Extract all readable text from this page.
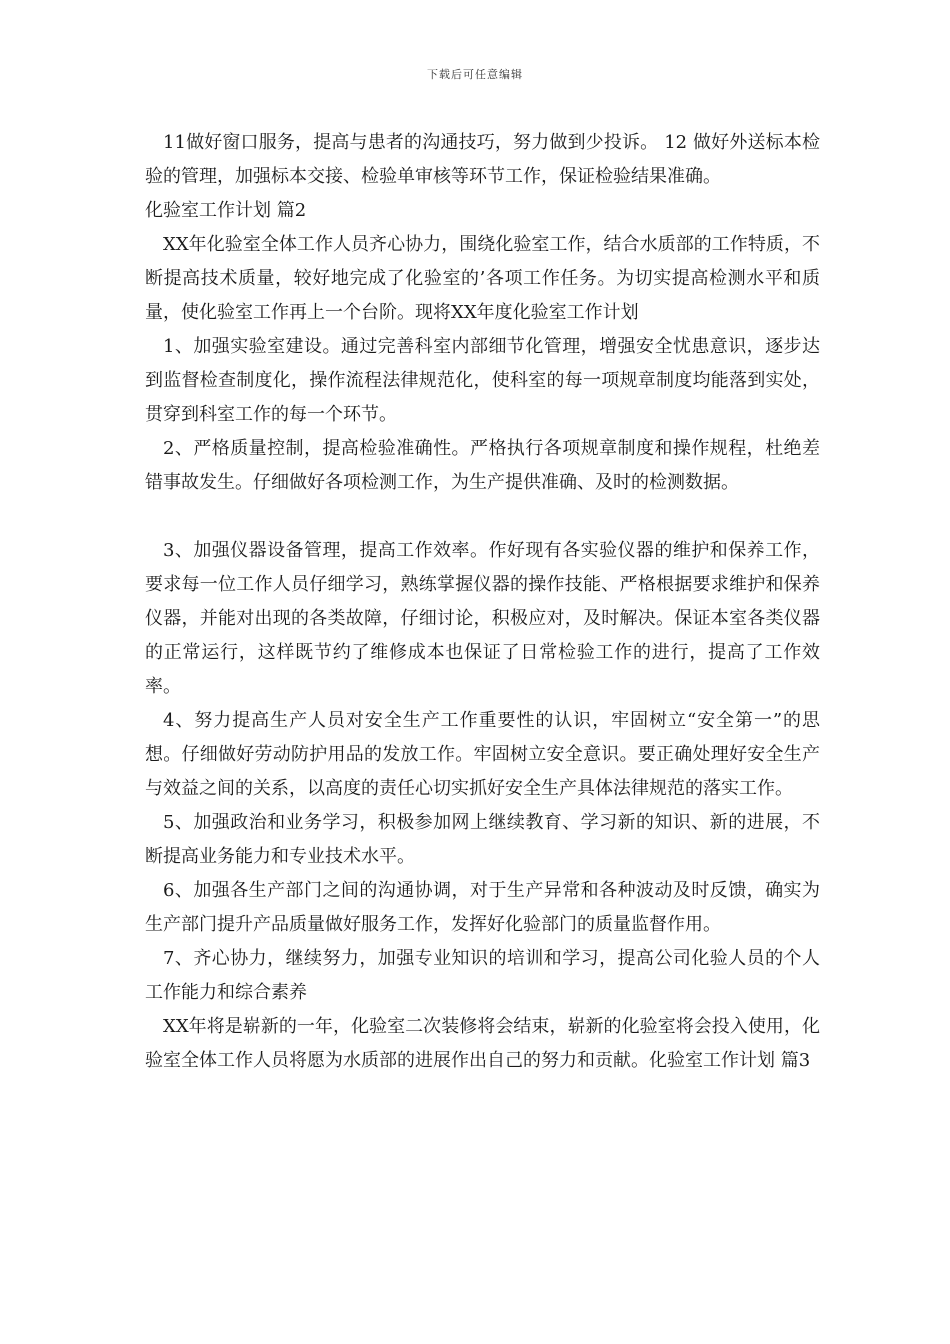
下载后可任意编辑

11做好窗口服务，提高与患者的沟通技巧，努力做到少投诉。 12 做好外送标本检验的管理，加强标本交接、检验单审核等环节工作，保证检验结果准确。

化验室工作计划 篇2

XX年化验室全体工作人员齐心协力，围绕化验室工作，结合水质部的工作特质，不断提高技术质量，较好地完成了化验室的’各项工作任务。为切实提高检测水平和质量，使化验室工作再上一个台阶。现将XX年度化验室工作计划

1、加强实验室建设。通过完善科室内部细节化管理，增强安全忧患意识，逐步达到监督检查制度化，操作流程法律规范化，使科室的每一项规章制度均能落到实处，贯穿到科室工作的每一个环节。

2、严格质量控制，提高检验准确性。严格执行各项规章制度和操作规程，杜绝差错事故发生。仔细做好各项检测工作，为生产提供准确、及时的检测数据。

3、加强仪器设备管理，提高工作效率。作好现有各实验仪器的维护和保养工作，要求每一位工作人员仔细学习，熟练掌握仪器的操作技能、严格根据要求维护和保养仪器，并能对出现的各类故障，仔细讨论，积极应对，及时解决。保证本室各类仪器的正常运行，这样既节约了维修成本也保证了日常检验工作的进行，提高了工作效率。

4、努力提高生产人员对安全生产工作重要性的认识，牢固树立“安全第一”的思想。仔细做好劳动防护用品的发放工作。牢固树立安全意识。要正确处理好安全生产与效益之间的关系，以高度的责任心切实抓好安全生产具体法律规范的落实工作。

5、加强政治和业务学习，积极参加网上继续教育、学习新的知识、新的进展，不断提高业务能力和专业技术水平。

6、加强各生产部门之间的沟通协调，对于生产异常和各种波动及时反馈，确实为生产部门提升产品质量做好服务工作，发挥好化验部门的质量监督作用。

7、齐心协力，继续努力，加强专业知识的培训和学习，提高公司化验人员的个人工作能力和综合素养

XX年将是崭新的一年，化验室二次装修将会结束，崭新的化验室将会投入使用，化验室全体工作人员将愿为水质部的进展作出自己的努力和贡献。化验室工作计划 篇3
